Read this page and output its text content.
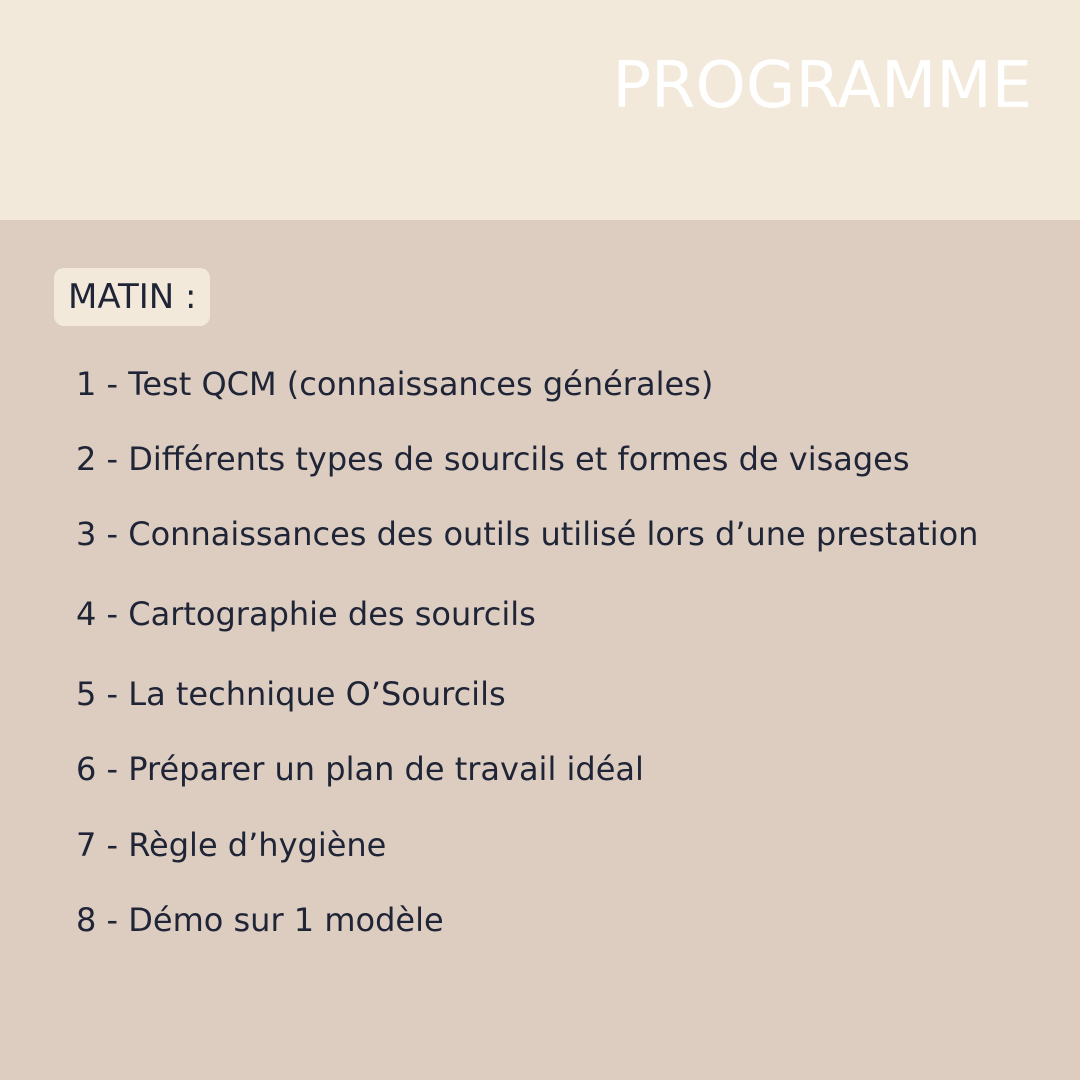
PROGRAMME
MATIN :
1 - Test QCM (connaissances générales)
2 - Différents types de sourcils et formes de visages
3 - Connaissances des outils utilisé lors d’une prestation
4 - Cartographie des sourcils
5 - La technique O’Sourcils
6 - Préparer un plan de travail idéal
7 - Règle d’hygiène
8 - Démo sur 1 modèle
